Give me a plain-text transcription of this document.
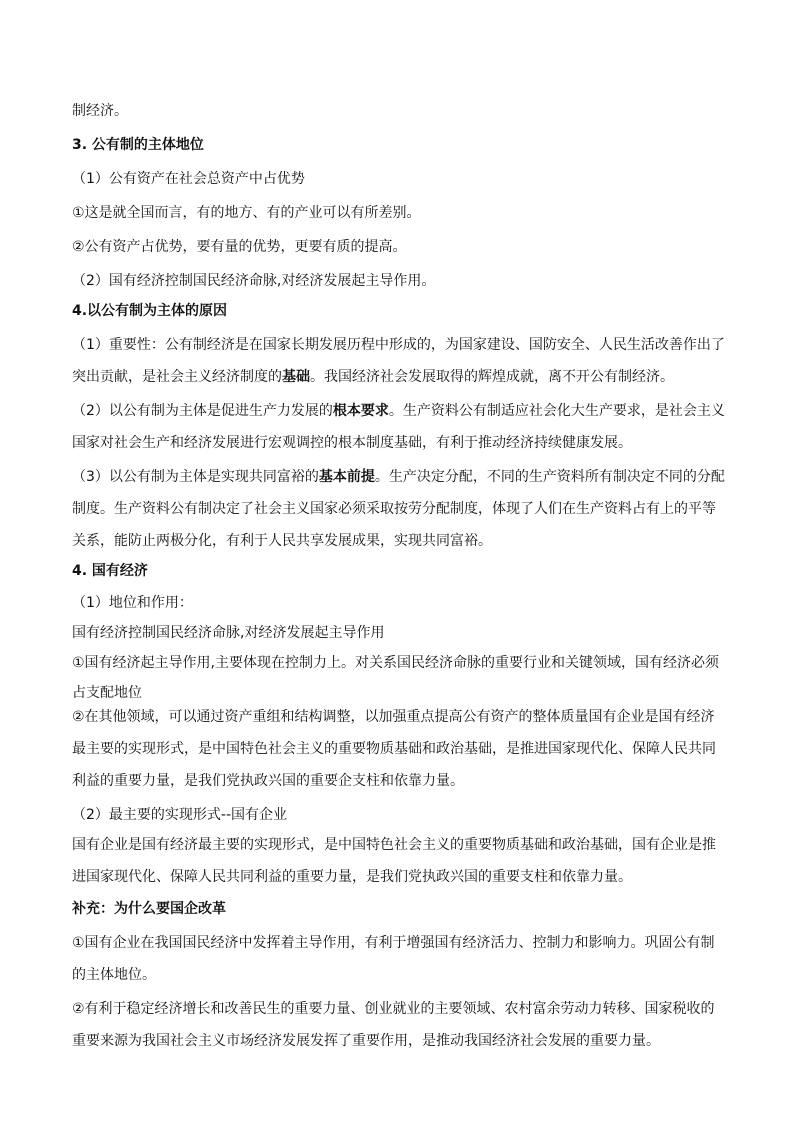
制经济。

3. 公有制的主体地位

（1）公有资产在社会总资产中占优势

①这是就全国而言，有的地方、有的产业可以有所差别。

②公有资产占优势，要有量的优势，更要有质的提高。

（2）国有经济控制国民经济命脉,对经济发展起主导作用。

4.以公有制为主体的原因

（1）重要性：公有制经济是在国家长期发展历程中形成的，为国家建设、国防安全、人民生活改善作出了

突出贡献，是社会主义经济制度的基础。我国经济社会发展取得的辉煌成就，离不开公有制经济。

（2）以公有制为主体是促进生产力发展的根本要求。生产资料公有制适应社会化大生产要求，是社会主义

国家对社会生产和经济发展进行宏观调控的根本制度基础，有利于推动经济持续健康发展。

（3）以公有制为主体是实现共同富裕的基本前提。生产决定分配，不同的生产资料所有制决定不同的分配

制度。生产资料公有制决定了社会主义国家必须采取按劳分配制度，体现了人们在生产资料占有上的平等

关系，能防止两极分化，有利于人民共享发展成果，实现共同富裕。

4. 国有经济

（1）地位和作用：

国有经济控制国民经济命脉,对经济发展起主导作用

①国有经济起主导作用,主要体现在控制力上。对关系国民经济命脉的重要行业和关键领域，国有经济必须

占支配地位

②在其他领域，可以通过资产重组和结构调整，以加强重点提高公有资产的整体质量国有企业是国有经济

最主要的实现形式，是中国特色社会主义的重要物质基础和政治基础，是推进国家现代化、保障人民共同

利益的重要力量，是我们党执政兴国的重要企支柱和依靠力量。

（2）最主要的实现形式--国有企业

国有企业是国有经济最主要的实现形式，是中国特色社会主义的重要物质基础和政治基础，国有企业是推

进国家现代化、保障人民共同利益的重要力量，是我们党执政兴国的重要支柱和依靠力量。

补充：为什么要国企改革

①国有企业在我国国民经济中发挥着主导作用，有利于增强国有经济活力、控制力和影响力。巩固公有制

的主体地位。

②有利于稳定经济增长和改善民生的重要力量、创业就业的主要领域、农村富余劳动力转移、国家税收的

重要来源为我国社会主义市场经济发展发挥了重要作用，是推动我国经济社会发展的重要力量。
